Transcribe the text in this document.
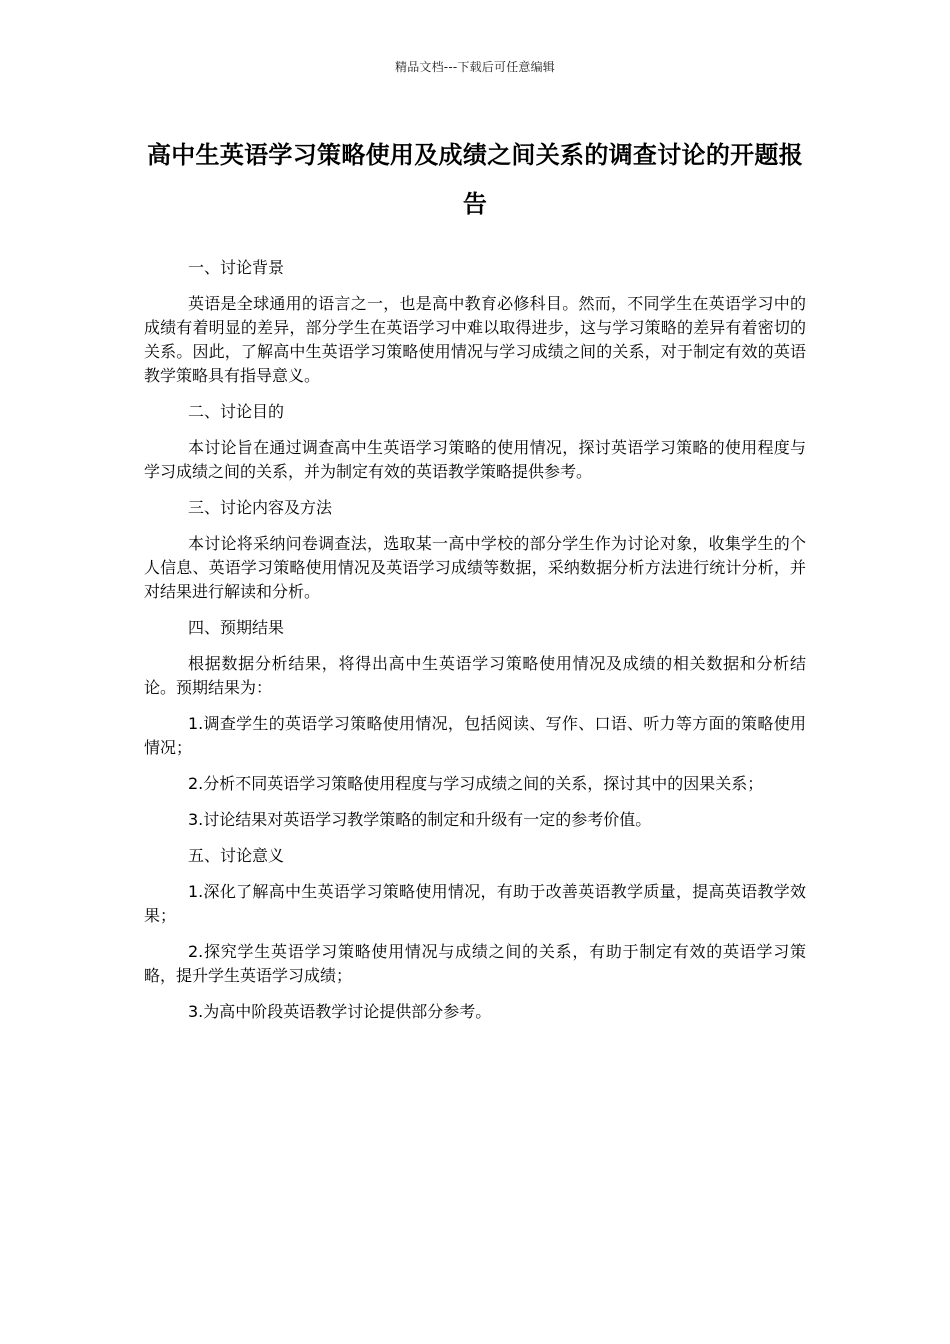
精品文档---下载后可任意编辑
高中生英语学习策略使用及成绩之间关系的调查讨论的开题报告

一、讨论背景

英语是全球通用的语言之一，也是高中教育必修科目。然而，不同学生在英语学习中的成绩有着明显的差异，部分学生在英语学习中难以取得进步，这与学习策略的差异有着密切的关系。因此，了解高中生英语学习策略使用情况与学习成绩之间的关系，对于制定有效的英语教学策略具有指导意义。

二、讨论目的

本讨论旨在通过调查高中生英语学习策略的使用情况，探讨英语学习策略的使用程度与学习成绩之间的关系，并为制定有效的英语教学策略提供参考。

三、讨论内容及方法

本讨论将采纳问卷调查法，选取某一高中学校的部分学生作为讨论对象，收集学生的个人信息、英语学习策略使用情况及英语学习成绩等数据，采纳数据分析方法进行统计分析，并对结果进行解读和分析。

四、预期结果

根据数据分析结果，将得出高中生英语学习策略使用情况及成绩的相关数据和分析结论。预期结果为：

1.调查学生的英语学习策略使用情况，包括阅读、写作、口语、听力等方面的策略使用情况；

2.分析不同英语学习策略使用程度与学习成绩之间的关系，探讨其中的因果关系；

3.讨论结果对英语学习教学策略的制定和升级有一定的参考价值。

五、讨论意义

1.深化了解高中生英语学习策略使用情况，有助于改善英语教学质量，提高英语教学效果；

2.探究学生英语学习策略使用情况与成绩之间的关系，有助于制定有效的英语学习策略，提升学生英语学习成绩；

3.为高中阶段英语教学讨论提供部分参考。
